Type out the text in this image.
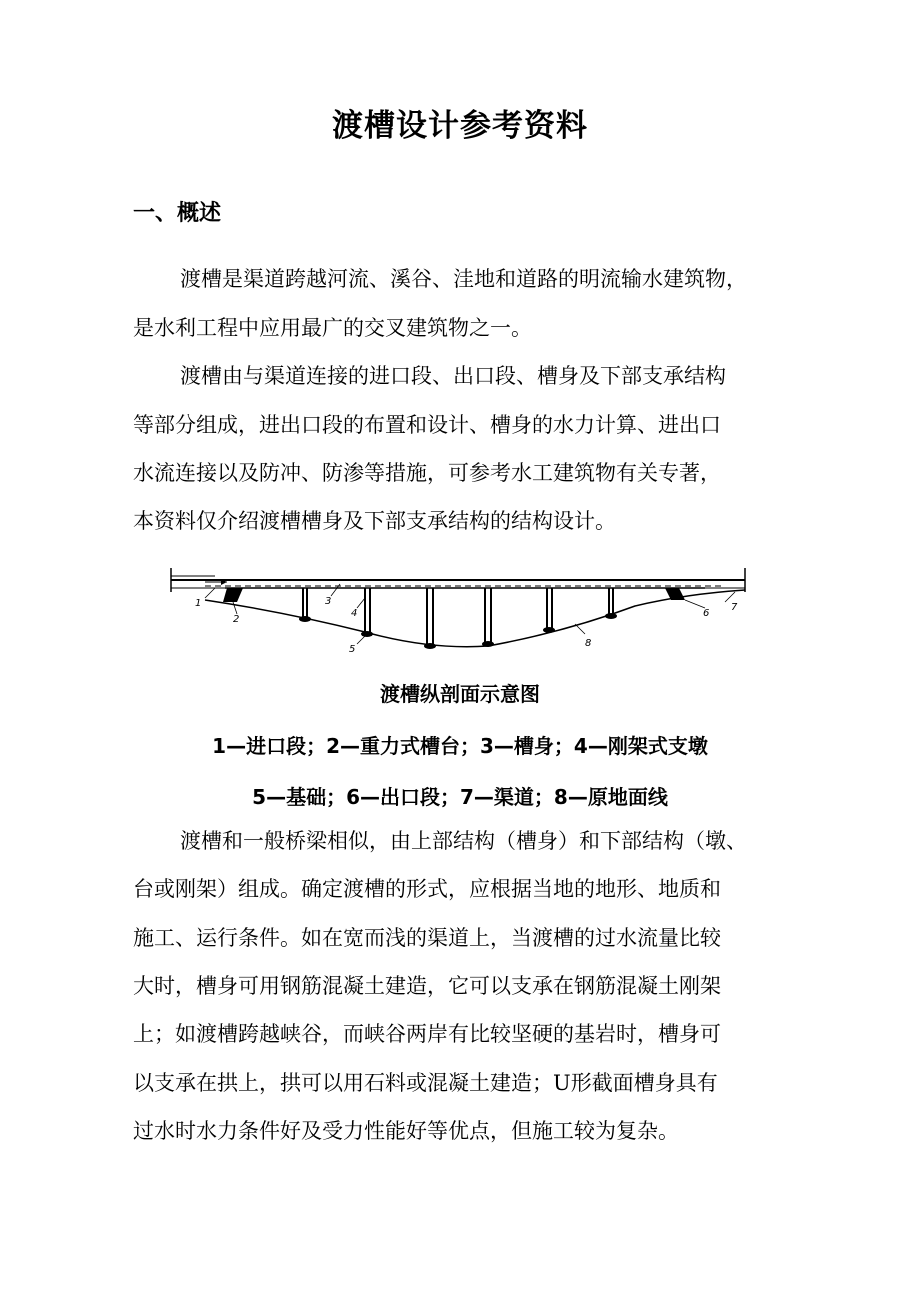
渡槽设计参考资料
一、概述
渡槽是渠道跨越河流、溪谷、洼地和道路的明流输水建筑物，
是水利工程中应用最广的交叉建筑物之一。
渡槽由与渠道连接的进口段、出口段、槽身及下部支承结构
等部分组成，进出口段的布置和设计、槽身的水力计算、进出口
水流连接以及防冲、防渗等措施，可参考水工建筑物有关专著，
本资料仅介绍渡槽槽身及下部支承结构的结构设计。
1
2
3
4
5
6
7
8
渡槽纵剖面示意图
1—进口段；2—重力式槽台；3—槽身；4—刚架式支墩
5—基础；6—出口段；7—渠道；8—原地面线
渡槽和一般桥梁相似，由上部结构（槽身）和下部结构（墩、
台或刚架）组成。确定渡槽的形式，应根据当地的地形、地质和
施工、运行条件。如在宽而浅的渠道上，当渡槽的过水流量比较
大时，槽身可用钢筋混凝土建造，它可以支承在钢筋混凝土刚架
上；如渡槽跨越峡谷，而峡谷两岸有比较坚硬的基岩时，槽身可
以支承在拱上，拱可以用石料或混凝土建造；U形截面槽身具有
过水时水力条件好及受力性能好等优点，但施工较为复杂。
